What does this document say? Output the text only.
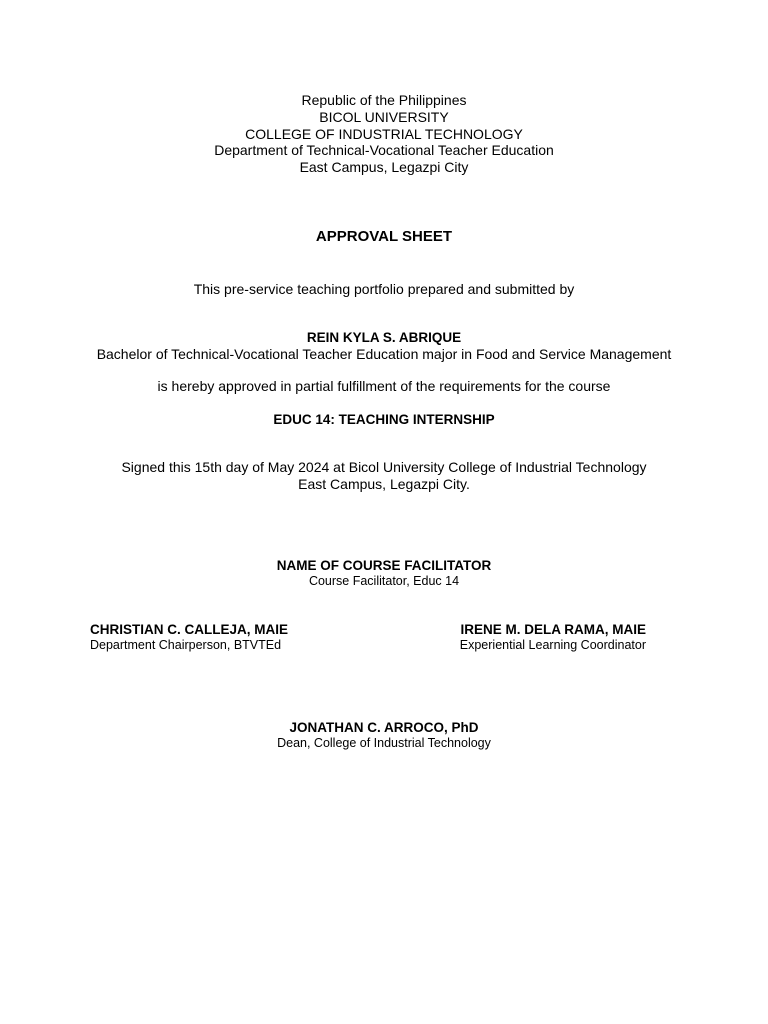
Republic of the Philippines
BICOL UNIVERSITY
COLLEGE OF INDUSTRIAL TECHNOLOGY
Department of Technical-Vocational Teacher Education
East Campus, Legazpi City
APPROVAL SHEET
This pre-service teaching portfolio prepared and submitted by
REIN KYLA S. ABRIQUE
Bachelor of Technical-Vocational Teacher Education major in Food and Service Management
is hereby approved in partial fulfillment of the requirements for the course
EDUC 14: TEACHING INTERNSHIP
Signed this 15th day of May 2024 at Bicol University College of Industrial Technology
East Campus, Legazpi City.
NAME OF COURSE FACILITATOR
Course Facilitator, Educ 14
CHRISTIAN C. CALLEJA, MAIE
Department Chairperson, BTVTEd
IRENE M. DELA RAMA, MAIE
Experiential Learning Coordinator
JONATHAN C. ARROCO, PhD
Dean, College of Industrial Technology
